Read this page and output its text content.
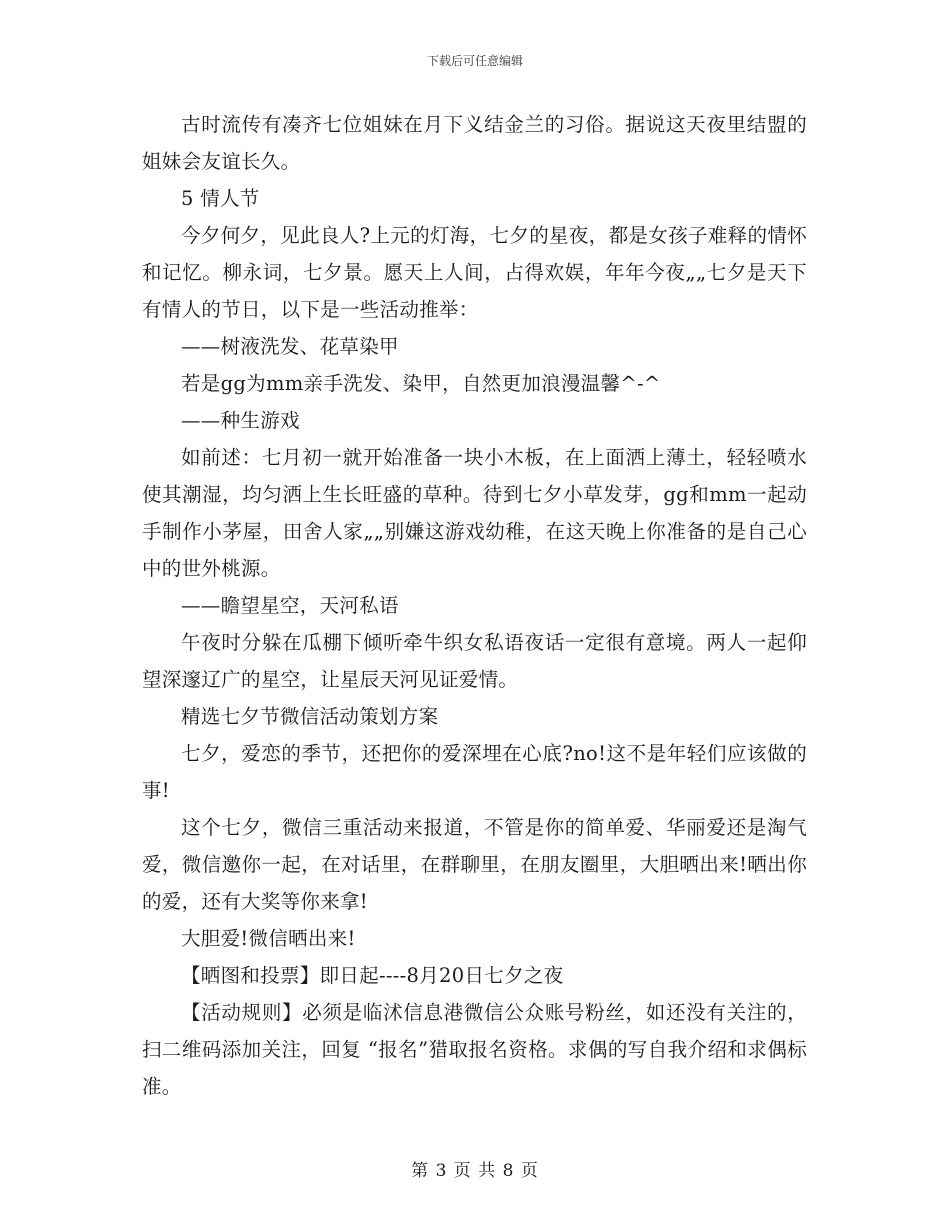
下载后可任意编辑

古时流传有凑齐七位姐妹在月下义结金兰的习俗。据说这天夜里结盟的姐妹会友谊长久。

5 情人节

今夕何夕，见此良人?上元的灯海，七夕的星夜，都是女孩子难释的情怀和记忆。柳永词，七夕景。愿天上人间，占得欢娱，年年今夜„„七夕是天下有情人的节日，以下是一些活动推举：

——树液洗发、花草染甲

若是gg为mm亲手洗发、染甲，自然更加浪漫温馨^-^

——种生游戏

如前述：七月初一就开始准备一块小木板，在上面洒上薄土，轻轻喷水使其潮湿，均匀洒上生长旺盛的草种。待到七夕小草发芽，gg和mm一起动手制作小茅屋，田舍人家„„别嫌这游戏幼稚，在这天晚上你准备的是自己心中的世外桃源。

——瞻望星空，天河私语

午夜时分躲在瓜棚下倾听牵牛织女私语夜话一定很有意境。两人一起仰望深邃辽广的星空，让星辰天河见证爱情。

精选七夕节微信活动策划方案

七夕，爱恋的季节，还把你的爱深埋在心底?no!这不是年轻们应该做的事!

这个七夕，微信三重活动来报道，不管是你的简单爱、华丽爱还是淘气爱，微信邀你一起，在对话里，在群聊里，在朋友圈里，大胆晒出来!晒出你的爱，还有大奖等你来拿!

大胆爱!微信晒出来!

【晒图和投票】即日起----8月20日七夕之夜

【活动规则】必须是临沭信息港微信公众账号粉丝，如还没有关注的，扫二维码添加关注，回复 “报名”猎取报名资格。求偶的写自我介绍和求偶标准。

第 3 页 共 8 页
